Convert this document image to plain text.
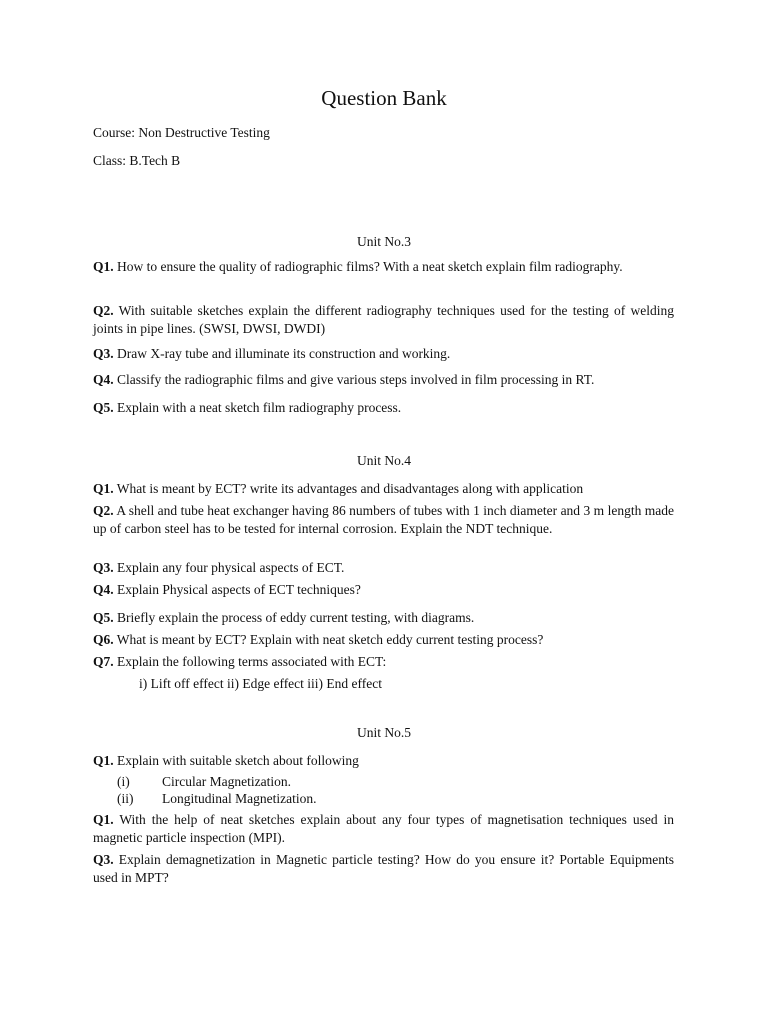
Question Bank
Course: Non Destructive Testing
Class: B.Tech B
Unit No.3
Q1. How to ensure the quality of radiographic films? With a neat sketch explain film radiography.
Q2. With suitable sketches explain the different radiography techniques used for the testing of welding joints in pipe lines. (SWSI, DWSI, DWDI)
Q3. Draw X-ray tube and illuminate its construction and working.
Q4. Classify the radiographic films and give various steps involved in film processing in RT.
Q5. Explain with a neat sketch film radiography process.
Unit No.4
Q1. What is meant by ECT? write its advantages and disadvantages along with application
Q2. A shell and tube heat exchanger having 86 numbers of tubes with 1 inch diameter and 3 m length made up of carbon steel has to be tested for internal corrosion. Explain the NDT technique.
Q3. Explain any four physical aspects of ECT.
Q4. Explain Physical aspects of ECT techniques?
Q5. Briefly explain the process of eddy current testing, with diagrams.
Q6. What is meant by ECT? Explain with neat sketch eddy current testing process?
Q7. Explain the following terms associated with ECT:
i) Lift off effect ii) Edge effect iii) End effect
Unit No.5
Q1. Explain with suitable sketch about following
(i) Circular Magnetization.
(ii) Longitudinal Magnetization.
Q1. With the help of neat sketches explain about any four types of magnetisation techniques used in magnetic particle inspection (MPI).
Q3. Explain demagnetization in Magnetic particle testing? How do you ensure it? Portable Equipments used in MPT?
